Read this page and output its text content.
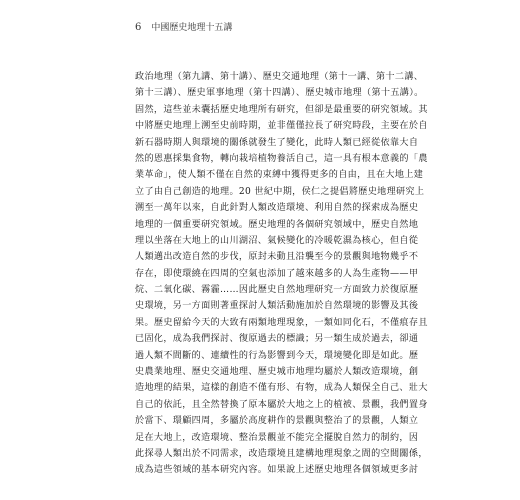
6 中國歷史地理十五講
政治地理（第九講、第十講）、歷史交通地理（第十一講、第十二講、
第十三講）、歷史軍事地理（第十四講）、歷史城市地理（第十五講）。
固然，這些並未囊括歷史地理所有研究，但卻是最重要的研究領域。其
中將歷史地理上溯至史前時期，並非僅僅拉長了研究時段，主要在於自
新石器時期人與環境的關係就發生了變化，此時人類已經從依靠大自
然的恩惠採集食物，轉向栽培植物養活自己，這一具有根本意義的「農
業革命」，使人類不僅在自然的束縛中獲得更多的自由，且在大地上建
立了由自己創造的地理。20 世紀中期，侯仁之提倡將歷史地理研究上
溯至一萬年以來，自此針對人類改造環境、利用自然的探索成為歷史
地理的一個重要研究領域。歷史地理的各個研究領域中，歷史自然地
理以坐落在大地上的山川湖沼、氣候變化的冷暖乾濕為核心，但自從
人類邁出改造自然的步伐，原封未動且沿襲至今的景觀與地物幾乎不
存在，即使環繞在四周的空氣也添加了越來越多的人為生產物——甲
烷、二氧化碳、霧霾……因此歷史自然地理研究一方面致力於復原歷
史環境，另一方面則著重探討人類活動施加於自然環境的影響及其後
果。歷史留給今天的大致有兩類地理現象，一類如同化石，不僅痕存且
已固化，成為我們探討、復原過去的標識；另一類生成於過去，卻通
過人類不間斷的、連續性的行為影響到今天，環境變化即是如此。歷
史農業地理、歷史交通地理、歷史城市地理均屬於人類改造環境，創
造地理的結果，這樣的創造不僅有形、有物，成為人類保全自己、壯大
自己的依託，且全然替換了原本屬於大地之上的植被、景觀，我們置身
於當下、環顧四周，多屬於高度耕作的景觀與整治了的景觀，人類立
足在大地上，改造環境、整治景觀並不能完全擺脫自然力的制約，因
此探尋人類出於不同需求，改造環境且建構地理現象之間的空間關係，
成為這些領域的基本研究內容。如果說上述歷史地理各個領域更多討
